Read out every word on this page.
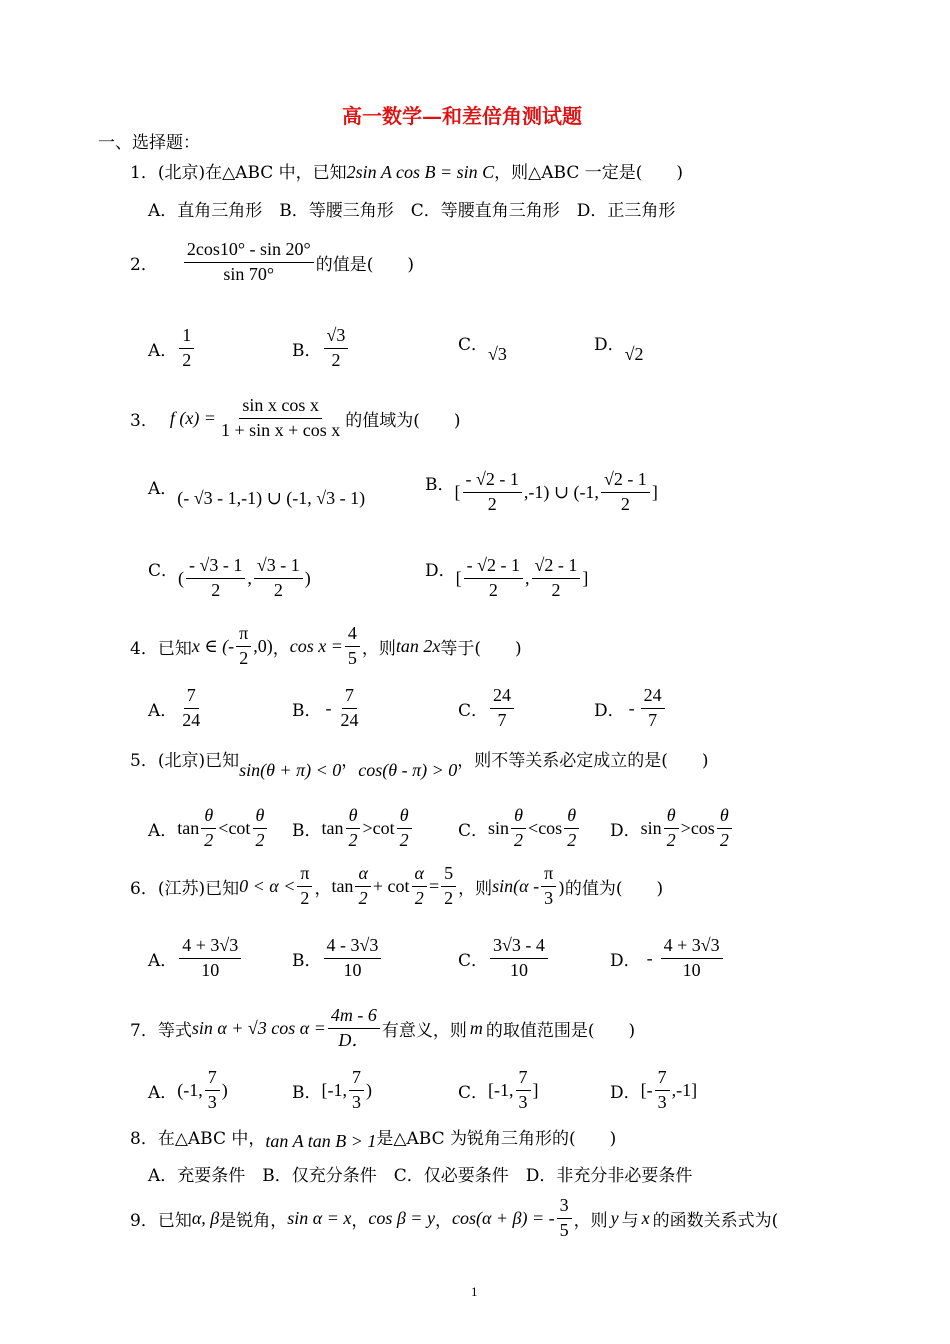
高一数学—和差倍角测试题
一、选择题：
1．(北京)在△ABC 中，已知2sin A cos B = sin C，则△ABC 一定是(　　)
A．直角三角形　B．等腰三角形　C．等腰直角三角形　D．正三角形
2． $\frac{2\cos 10^\circ - \sin 20^\circ}{\sin 70^\circ}$ 的值是(　　)
A． $\frac{1}{2}$	B． $\frac{√3}{2}$	C．√3	D．√2
3． f $(x) = \frac{\text{sin x cos x}}{\text{1 + sin x + cos x}}$ 的值域为(　　)
A．(- √3 - 1,-1) ∪ (-1, √3 - 1)
B．[ $\frac{- √2 - 1}{2} ,-1$) ∪ (-1, $\frac{√2 - 1}{2}$ ]
C．( $\frac{- √3 - 1}{2}$ , $\frac{√3 - 1}{2}$ )	D．[ $\frac{- √2 - 1}{2}$ , $\frac{√2 - 1}{2}$ ]
4．已知x ∈ (- $\frac{\pi}{2} ,0$)，$\cos x = \frac{4}{5}$ ，则tan 2x等于(　　)
A． $\frac{7}{24}$	B． - $\frac{7}{24}$	C． $\frac{24}{7}$	D． - $\frac{24}{7}$
5．(北京)已知sin(θ + π) < 0，cos(θ - π) > 0，则不等关系必定成立的是(　　)
A．$\tan \frac{\theta}{2} <\cot \frac{\theta}{2}$ B．$\tan \frac{\theta}{2} >\cot \frac{\theta}{2}$	C．$\sin \frac{\theta}{2} <\cos \frac{\theta}{2}$ D．$\sin \frac{\theta}{2} >\cos \frac{\theta}{2}$
6．(江苏)已知$0 < \alpha < \frac{\pi}{2}$ ，$\tan \frac{\alpha}{2} + \cot \frac{\alpha}{2} = \frac{5}{2}$ ，则$\sin(\alpha - \frac{\pi}{3}$ )的值为(　　)
A． $\frac{4 + 3√3}{10}$	B． $\frac{4 - 3√3}{10}$	C． $\frac{3√3 - 4}{10}$	D． - $\frac{4 + 3√3}{10}$
7．等式sin α + √3 $\cos \alpha = \frac{4m - 6}{D.}$ 有意义，则 m 的取值范围是(　　)
A．(-1, $\frac{7}{3}$ )	B．[-1, $\frac{7}{3}$ )	C．[-1, $\frac{7}{3}$ ]	D．[- $\frac{7}{3} ,-1$]
8．在△ABC 中，tan A tan B > 1是△ABC 为锐角三角形的(　　)
A．充要条件　B．仅充分条件　C．仅必要条件　D．非充分非必要条件
9．已知α, β是锐角，sin α = x，cos β = y，cos(α + β) = - $\frac{3}{5}$ ，则 y 与 x 的函数关系式为(
1
